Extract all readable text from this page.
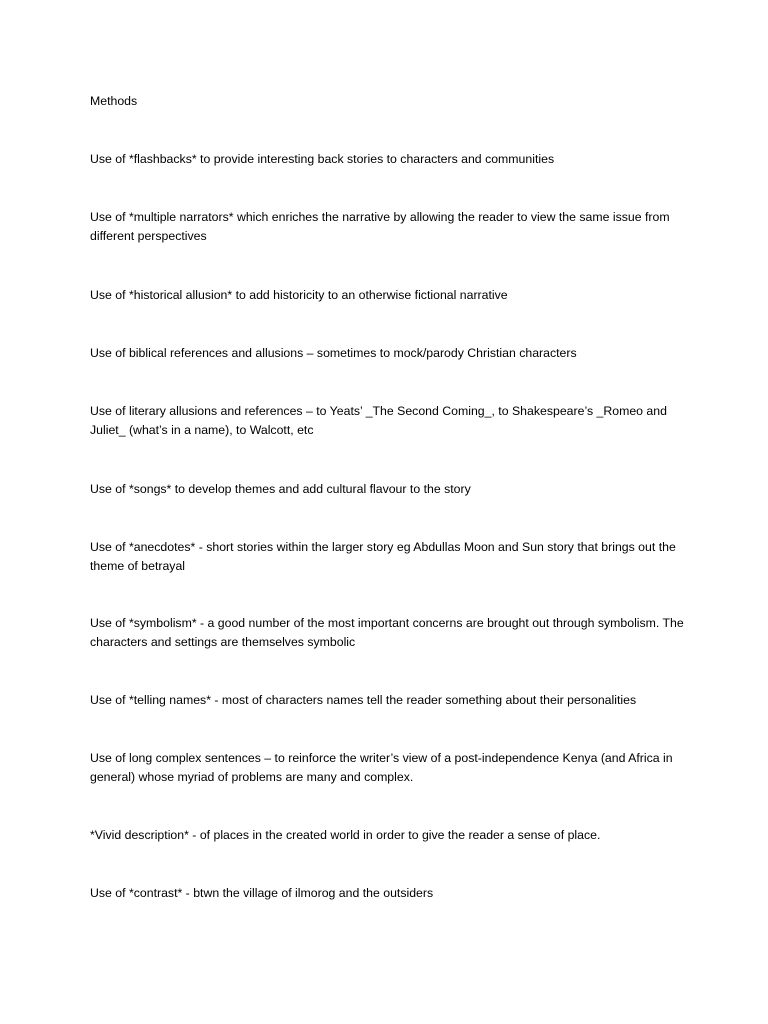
Methods

Use of *flashbacks* to provide interesting back stories to characters and communities

Use of *multiple narrators* which enriches the narrative by allowing the reader to view the same issue from different perspectives

Use of *historical allusion* to add historicity to an otherwise fictional narrative

Use of biblical references and allusions – sometimes to mock/parody Christian characters

Use of literary allusions and references – to Yeats’ _The Second Coming_, to Shakespeare’s _Romeo and Juliet_ (what’s in a name), to Walcott, etc

Use of *songs* to develop themes and add cultural flavour to the story

Use of *anecdotes* - short stories within the larger story eg Abdullas Moon and Sun story that brings out the theme of betrayal

Use of *symbolism* - a good number of the most important concerns are brought out through symbolism. The characters and settings are themselves symbolic

Use of *telling names* - most of characters names tell the reader something about their personalities

Use of long complex sentences – to reinforce the writer’s view of a post-independence Kenya (and Africa in general) whose myriad of problems are many and complex.

*Vivid description* - of places in the created world in order to give the reader a sense of place.

Use of *contrast* - btwn the village of ilmorog and the outsiders
